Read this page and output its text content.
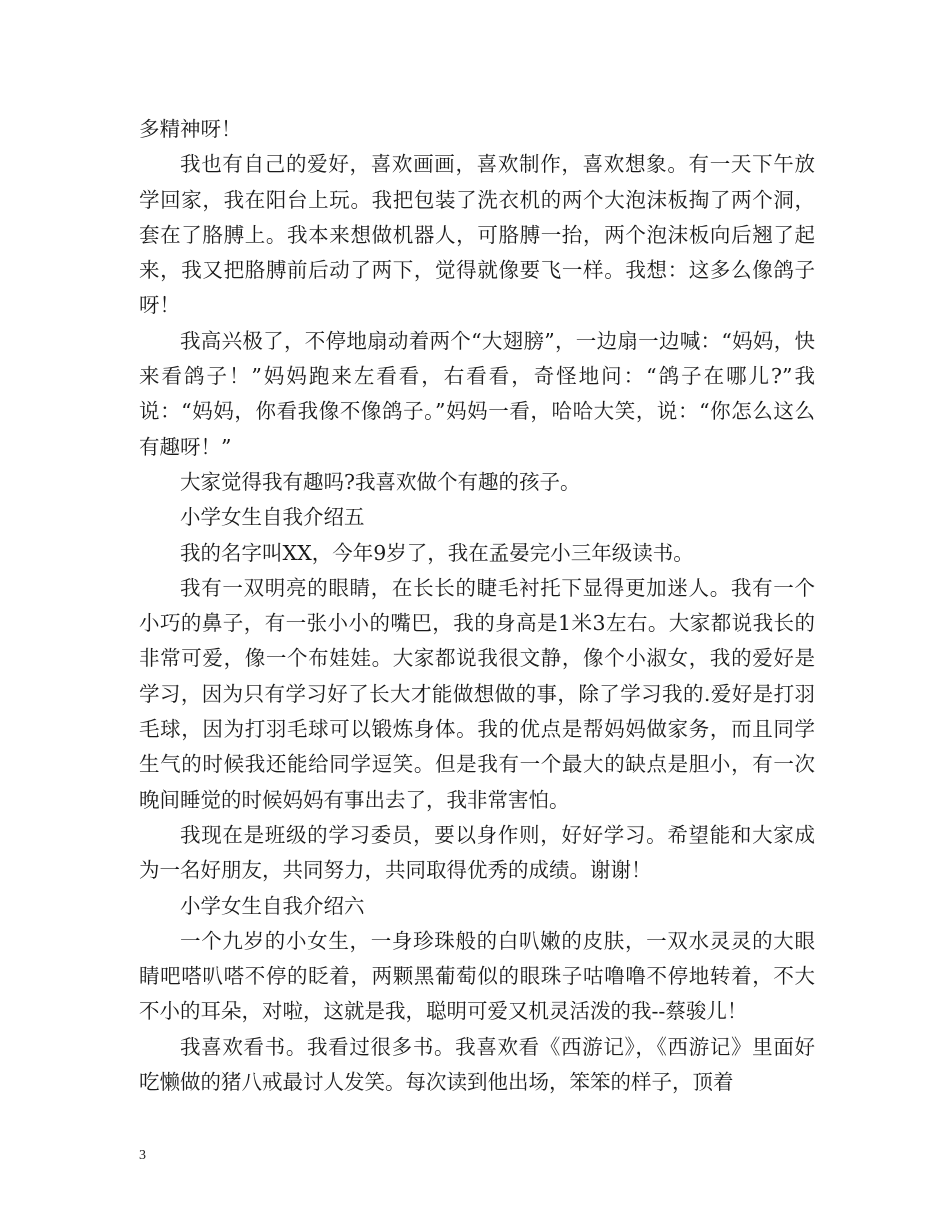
多精神呀！

我也有自己的爱好，喜欢画画，喜欢制作，喜欢想象。有一天下午放学回家，我在阳台上玩。我把包装了洗衣机的两个大泡沫板掏了两个洞，套在了胳膊上。我本来想做机器人，可胳膊一抬，两个泡沫板向后翘了起来，我又把胳膊前后动了两下，觉得就像要飞一样。我想：这多么像鸽子呀！

我高兴极了，不停地扇动着两个“大翅膀”，一边扇一边喊：“妈妈，快来看鸽子！”妈妈跑来左看看，右看看，奇怪地问：“鸽子在哪儿?”我说：“妈妈，你看我像不像鸽子。”妈妈一看，哈哈大笑，说：“你怎么这么有趣呀！”

大家觉得我有趣吗?我喜欢做个有趣的孩子。

小学女生自我介绍五

我的名字叫XX，今年9岁了，我在孟晏完小三年级读书。

我有一双明亮的眼睛，在长长的睫毛衬托下显得更加迷人。我有一个小巧的鼻子，有一张小小的嘴巴，我的身高是1米3左右。大家都说我长的非常可爱，像一个布娃娃。大家都说我很文静，像个小淑女，我的爱好是学习，因为只有学习好了长大才能做想做的事，除了学习我的.爱好是打羽毛球，因为打羽毛球可以锻炼身体。我的优点是帮妈妈做家务，而且同学生气的时候我还能给同学逗笑。但是我有一个最大的缺点是胆小，有一次晚间睡觉的时候妈妈有事出去了，我非常害怕。

我现在是班级的学习委员，要以身作则，好好学习。希望能和大家成为一名好朋友，共同努力，共同取得优秀的成绩。谢谢！

小学女生自我介绍六

一个九岁的小女生，一身珍珠般的白叭嫩的皮肤，一双水灵灵的大眼睛吧嗒叭嗒不停的眨着，两颗黑葡萄似的眼珠子咕噜噜不停地转着，不大不小的耳朵，对啦，这就是我，聪明可爱又机灵活泼的我--蔡骏儿！

我喜欢看书。我看过很多书。我喜欢看《西游记》，《西游记》里面好吃懒做的猪八戒最讨人发笑。每次读到他出场，笨笨的样子，顶着

3
